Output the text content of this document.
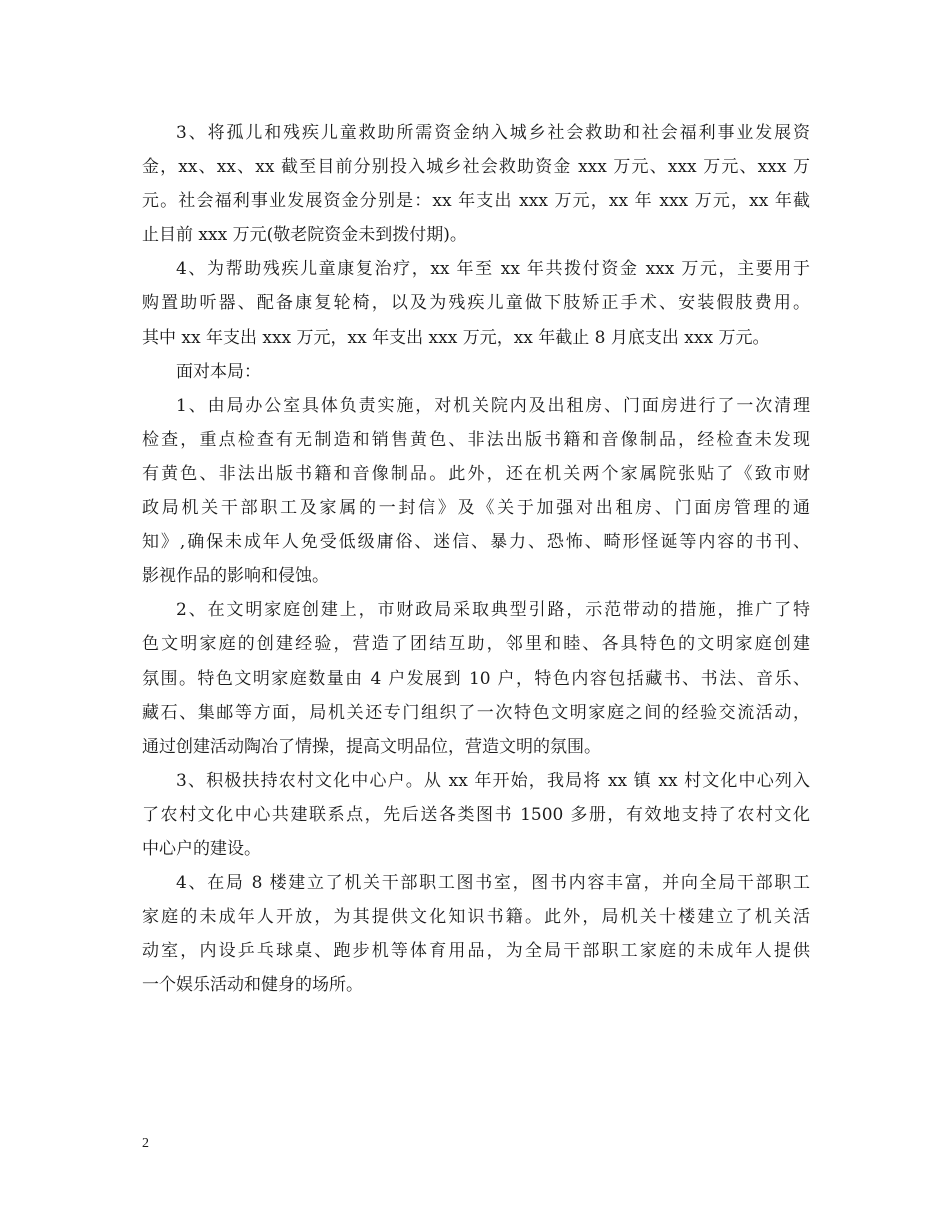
3、将孤儿和残疾儿童救助所需资金纳入城乡社会救助和社会福利事业发展资
金，xx、xx、xx 截至目前分别投入城乡社会救助资金 xxx 万元、xxx 万元、xxx 万
元。社会福利事业发展资金分别是：xx 年支出 xxx 万元，xx 年 xxx 万元，xx 年截
止目前 xxx 万元(敬老院资金未到拨付期)。
4、为帮助残疾儿童康复治疗，xx 年至 xx 年共拨付资金 xxx 万元，主要用于
购置助听器、配备康复轮椅，以及为残疾儿童做下肢矫正手术、安装假肢费用。
其中 xx 年支出 xxx 万元，xx 年支出 xxx 万元，xx 年截止 8 月底支出 xxx 万元。
面对本局：
1、由局办公室具体负责实施，对机关院内及出租房、门面房进行了一次清理
检查，重点检查有无制造和销售黄色、非法出版书籍和音像制品，经检查未发现
有黄色、非法出版书籍和音像制品。此外，还在机关两个家属院张贴了《致市财
政局机关干部职工及家属的一封信》及《关于加强对出租房、门面房管理的通
知》,确保未成年人免受低级庸俗、迷信、暴力、恐怖、畸形怪诞等内容的书刊、
影视作品的影响和侵蚀。
2、在文明家庭创建上，市财政局采取典型引路，示范带动的措施，推广了特
色文明家庭的创建经验，营造了团结互助，邻里和睦、各具特色的文明家庭创建
氛围。特色文明家庭数量由 4 户发展到 10 户，特色内容包括藏书、书法、音乐、
藏石、集邮等方面，局机关还专门组织了一次特色文明家庭之间的经验交流活动，
通过创建活动陶冶了情操，提高文明品位，营造文明的氛围。
3、积极扶持农村文化中心户。从 xx 年开始，我局将 xx 镇 xx 村文化中心列入
了农村文化中心共建联系点，先后送各类图书 1500 多册，有效地支持了农村文化
中心户的建设。
4、在局 8 楼建立了机关干部职工图书室，图书内容丰富，并向全局干部职工
家庭的未成年人开放，为其提供文化知识书籍。此外，局机关十楼建立了机关活
动室，内设乒乓球桌、跑步机等体育用品，为全局干部职工家庭的未成年人提供
一个娱乐活动和健身的场所。
2
